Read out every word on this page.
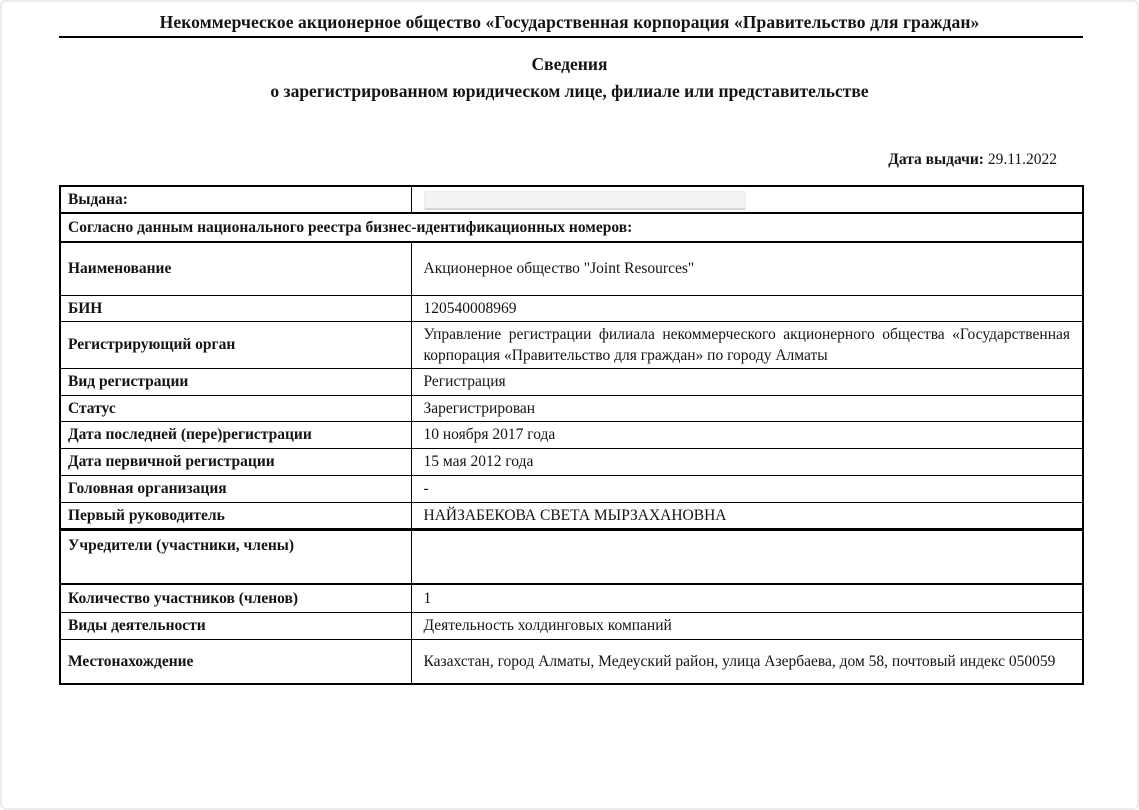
Некоммерческое акционерное общество «Государственная корпорация «Правительство для граждан»
Сведения
о зарегистрированном юридическом лице, филиале или представительстве
Дата выдачи: 29.11.2022
Выдана:	

Согласно данным национального реестра бизнес-идентификационных номеров:	
Наименование	Акционерное общество "Joint Resources"
БИН	120540008969
Регистрирующий орган	Управление регистрации филиала некоммерческого акционерного общества «Государственная корпорация «Правительство для граждан» по городу Алматы
Вид регистрации	Регистрация
Статус	Зарегистрирован
Дата последней (пере)регистрации	10 ноября 2017 года
Дата первичной регистрации	15 мая 2012 года
Головная организация	-
Первый руководитель	НАЙЗАБЕКОВА СВЕТА МЫРЗАХАНОВНА
Учредители (участники, члены)	
Количество участников (членов)	1
Виды деятельности	Деятельность холдинговых компаний
Местонахождение	Казахстан, город Алматы, Медеуский район, улица Азербаева, дом 58, почтовый индекс 050059
